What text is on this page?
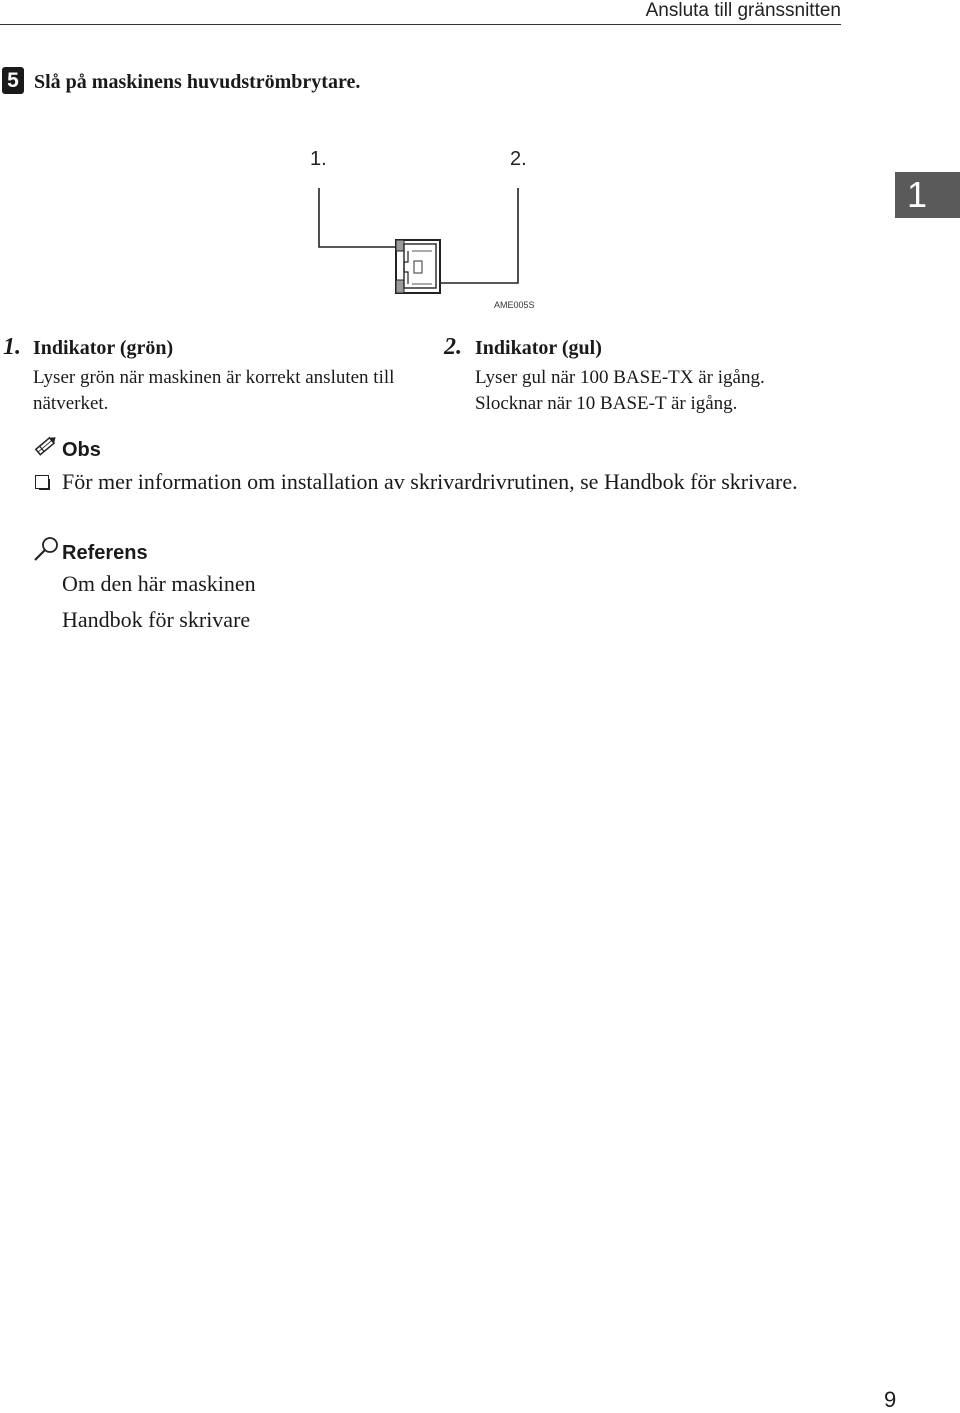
Ansluta till gränssnitten
1
5 Slå på maskinens huvudströmbrytare.
1.	2.
AME005S
1. Indikator (grön)
Lyser grön när maskinen är korrekt ansluten till nätverket.
2. Indikator (gul)
Lyser gul när 100 BASE-TX är igång.
Slocknar när 10 BASE-T är igång.
Obs
För mer information om installation av skrivardrivrutinen, se Handbok för skrivare.
Referens
Om den här maskinen
Handbok för skrivare
9
